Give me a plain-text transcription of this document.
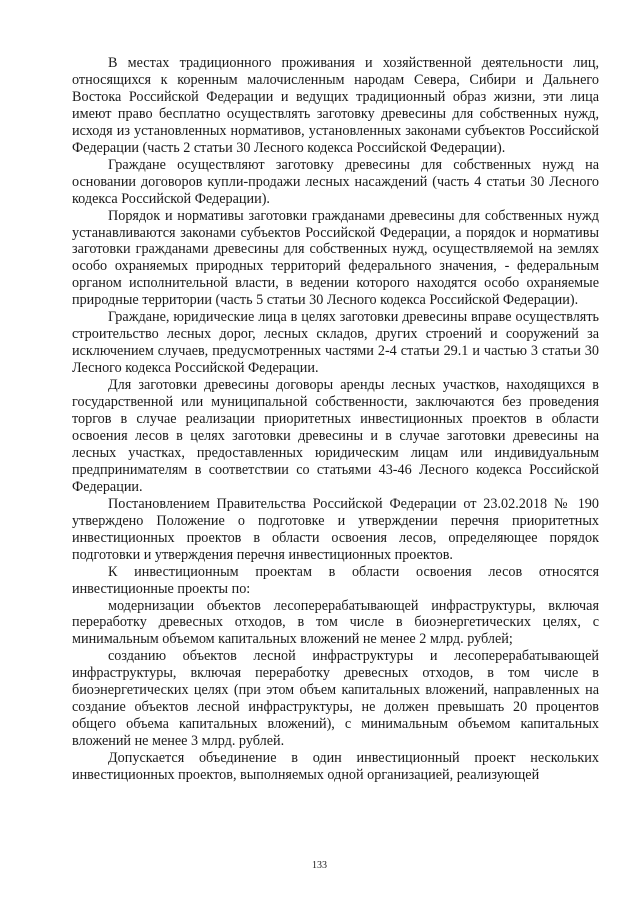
В местах традиционного проживания и хозяйственной деятельности лиц, относящихся к коренным малочисленным народам Севера, Сибири и Дальнего Востока Российской Федерации и ведущих традиционный образ жизни, эти лица имеют право бесплатно осуществлять заготовку древесины для собственных нужд, исходя из установленных нормативов, установленных законами субъектов Российской Федерации (часть 2 статьи 30 Лесного кодекса Российской Федерации).

Граждане осуществляют заготовку древесины для собственных нужд на основании договоров купли-продажи лесных насаждений (часть 4 статьи 30 Лесного кодекса Российской Федерации).

Порядок и нормативы заготовки гражданами древесины для собственных нужд устанавливаются законами субъектов Российской Федерации, а порядок и нормативы заготовки гражданами древесины для собственных нужд, осуществляемой на землях особо охраняемых природных территорий федерального значения, - федеральным органом исполнительной власти, в ведении которого находятся особо охраняемые природные территории (часть 5 статьи 30 Лесного кодекса Российской Федерации).

Граждане, юридические лица в целях заготовки древесины вправе осуществлять строительство лесных дорог, лесных складов, других строений и сооружений за исключением случаев, предусмотренных частями 2-4 статьи 29.1 и частью 3 статьи 30 Лесного кодекса Российской Федерации.

Для заготовки древесины договоры аренды лесных участков, находящихся в государственной или муниципальной собственности, заключаются без проведения торгов в случае реализации приоритетных инвестиционных проектов в области освоения лесов в целях заготовки древесины и в случае заготовки древесины на лесных участках, предоставленных юридическим лицам или индивидуальным предпринимателям в соответствии со статьями 43-46 Лесного кодекса Российской Федерации.

Постановлением Правительства Российской Федерации от 23.02.2018 № 190 утверждено Положение о подготовке и утверждении перечня приоритетных инвестиционных проектов в области освоения лесов, определяющее порядок подготовки и утверждения перечня инвестиционных проектов.

К инвестиционным проектам в области освоения лесов относятся инвестиционные проекты по:

модернизации объектов лесоперерабатывающей инфраструктуры, включая переработку древесных отходов, в том числе в биоэнергетических целях, с минимальным объемом капитальных вложений не менее 2 млрд. рублей;

созданию объектов лесной инфраструктуры и лесоперерабатывающей инфраструктуры, включая переработку древесных отходов, в том числе в биоэнергетических целях (при этом объем капитальных вложений, направленных на создание объектов лесной инфраструктуры, не должен превышать 20 процентов общего объема капитальных вложений), с минимальным объемом капитальных вложений не менее 3 млрд. рублей.

Допускается объединение в один инвестиционный проект нескольких инвестиционных проектов, выполняемых одной организацией, реализующей

133
